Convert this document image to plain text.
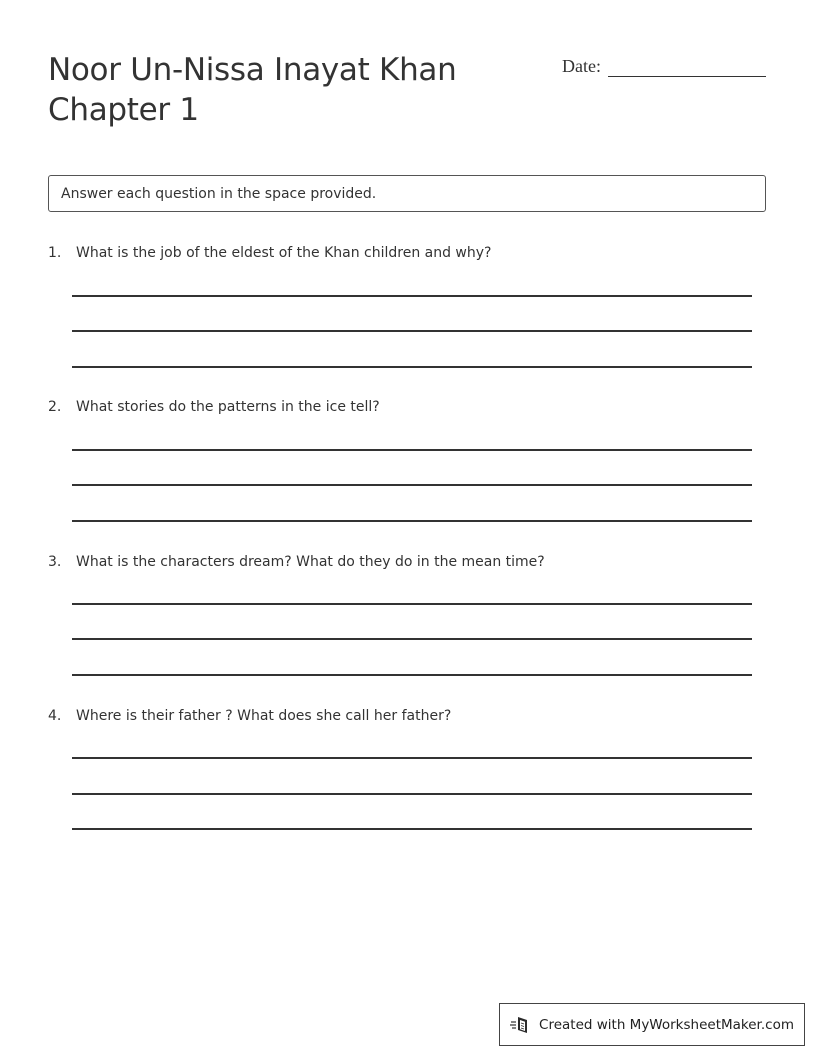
Noor Un-Nissa Inayat Khan
Chapter 1
Date:
Answer each question in the space provided.
1.	What is the job of the eldest of the Khan children and why?
2.	What stories do the patterns in the ice tell?
3.	What is the characters dream? What do they do in the mean time?
4.	Where is their father ? What does she call her father?
Created with MyWorksheetMaker.com
